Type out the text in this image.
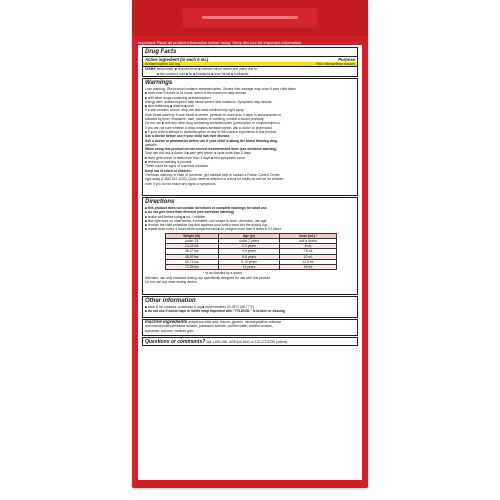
Important: Read all product information before using. Keep this box for important information.
Drug Facts
Active ingredient (in each 5 mL)	Purpose
Acetaminophen 160 mg	Pain reliever/fever reducer
Uses temporarily: ■ reduces fever ■ relieves minor aches and pains due to:
■ the common cold ■ flu ■ headache ■ sore throat ■ toothache
Warnings
Liver warning: This product contains acetaminophen. Severe liver damage may occur if your child takes
■ more than 5 doses in 24 hours, which is the maximum daily amount
■ with other drugs containing acetaminophen
Allergy alert: acetaminophen may cause severe skin reactions. Symptoms may include:
■ skin reddening ■ blisters ■ rash
If a skin reaction occurs, stop use and seek medical help right away.
Sore throat warning: If sore throat is severe, persists for more than 2 days, is accompanied or
followed by fever, headache, rash, nausea, or vomiting, consult a doctor promptly.
Do not use ■ with any other drug containing acetaminophen (prescription or nonprescription).
If you are not sure whether a drug contains acetaminophen, ask a doctor or pharmacist.
■ if your child is allergic to acetaminophen or any of the inactive ingredients in this product
Ask a doctor before use if your child has liver disease.
Ask a doctor or pharmacist before use if your child is taking the blood thinning drug
warfarin
When using this product do not exceed recommended dose (see overdose warning)
Stop use and ask a doctor if ■ pain gets worse or lasts more than 5 days
■ fever gets worse or lasts more than 3 days ■ new symptoms occur
■ redness or swelling is present
These could be signs of a serious condition.
Keep out of reach of children.
Overdose warning: In case of overdose, get medical help or contact a Poison Control Center
right away (1-800-222-1222). Quick medical attention is critical for adults as well as for children
even if you do not notice any signs or symptoms.
Directions
■ this product does not contain directions or complete warnings for adult use.
■ do not give more than directed (see overdose warning)
■ shake well before using ■ mL = milliliter
■ find right dose on chart below. If possible, use weight to dose; otherwise, use age.
■ remove the child protective cap and squeeze your child's dose into the dosing cup
■ repeat dose every 4 hours while symptoms last ■ do not give more than 5 times in 24 hours
Weight (lb)	Age (yr)	Dose (mL) *
under 24	under 2 years	ask a doctor
24-35 lbs	2-3 years	5 mL
36-47 lbs	4-5 years	7.5 mL
48-59 lbs	6-8 years	10 mL
60-71 lbs	9-10 years	12.5 mL
72-95 lbs	11 years	15 mL
* or as directed by a doctor
Attention: use only enclosed dosing cup specifically designed for use with this product.
Do not use any other dosing device.
Other information
■ each 5 mL contains: potassium 5 mg ■ store between 20-25°C (68-77°F)
■ do not use if carton tape or bottle wrap imprinted with "TYLENOL" is broken or missing
Inactive ingredients anhydrous citric acid, flavors, glycerin, microcrystalline cellulose
and carboxymethylcellulose sodium, potassium sorbate, purified water, sorbitol solution,
sucralose, sucrose, xanthan gum
Questions or comments? call 1-800-458-1635 (toll-free) or 215-273-8755 (collect)
